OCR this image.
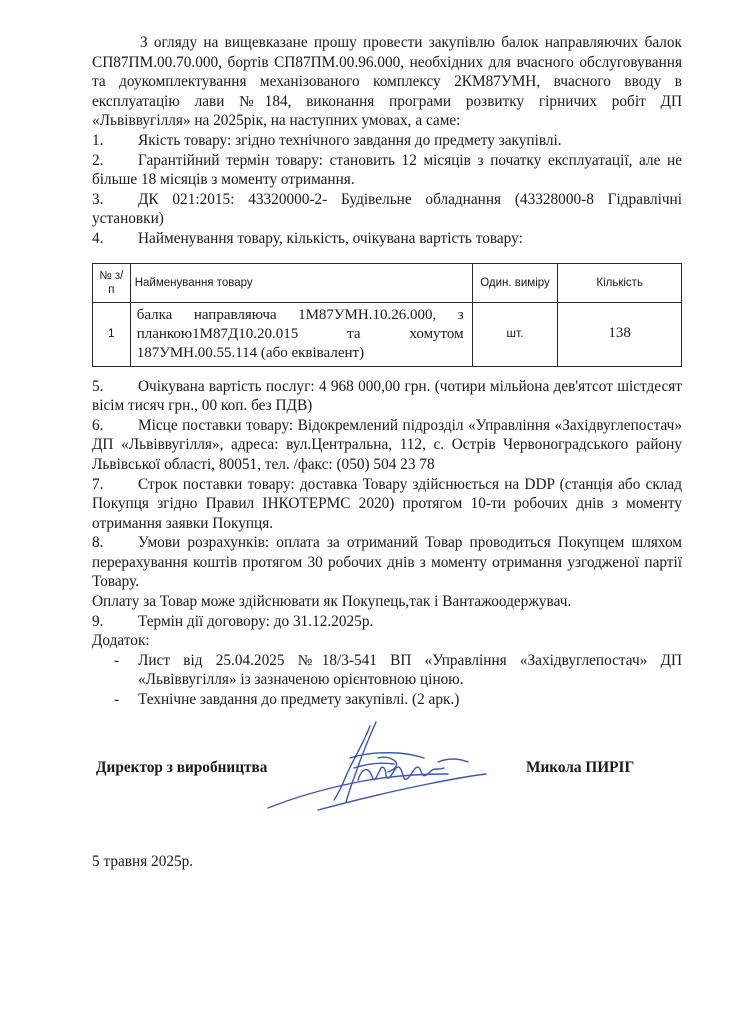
З огляду на вищевказане прошу провести закупівлю балок направляючих балок СП87ПМ.00.70.000, бортів СП87ПМ.00.96.000, необхідних для вчасного обслуговування та доукомплектування механізованого комплексу 2КМ87УМН, вчасного вводу в експлуатацію лави №184, виконання програми розвитку гірничих робіт ДП «Львіввугілля» на 2025рік, на наступних умовах, а саме:

1.	Якість товару: згідно технічного завдання до предмету закупівлі.

2. Гарантійний термін товару: становить 12 місяців з початку експлуатації, але не більше 18 місяців з моменту отримання.

3. ДК 021:2015: 43320000-2- Будівельне обладнання (43328000-8 Гідравлічні установки)

4.	Найменування товару, кількість, очікувана вартість товару:
№ з/п	Найменування товару	Один. виміру	Кількість
1	балка направляюча 1М87УМН.10.26.000, з планкою1М87Д10.20.015 та хомутом 187УМН.00.55.114 (або еквівалент)	шт.	138

5. Очікувана вартість послуг: 4 968 000,00 грн. (чотири мільйона дев'ятсот шістдесят вісім тисяч грн., 00 коп. без ПДВ)

6. Місце поставки товару: Відокремлений підрозділ «Управління «Західвуглепостач» ДП «Львіввугілля», адреса: вул.Центральна, 112, с. Острів Червоноградського району Львівської області, 80051, тел. /факс: (050) 504 23 78

7. Строк поставки товару: доставка Товару здійснюється на DDP (станція або склад Покупця згідно Правил ІНКОТЕРМС 2020) протягом 10-ти робочих днів з моменту отримання заявки Покупця.

8. Умови розрахунків: оплата за отриманий Товар проводиться Покупцем шляхом перерахування коштів протягом 30 робочих днів з моменту отримання узгодженої партії Товару.

Оплату за Товар може здійснювати як Покупець,так і Вантажоодержувач.

9.	Термін дії договору: до 31.12.2025р.

Додаток:

-	Лист від 25.04.2025 №18/3-541 ВП «Управління «Західвуглепостач» ДП «Львіввугілля» із зазначеною орієнтовною ціною.
-	Технічне завдання до предмету закупівлі. (2 арк.)
Директор з виробництва	Микола ПИРІГ

5 травня 2025р.
